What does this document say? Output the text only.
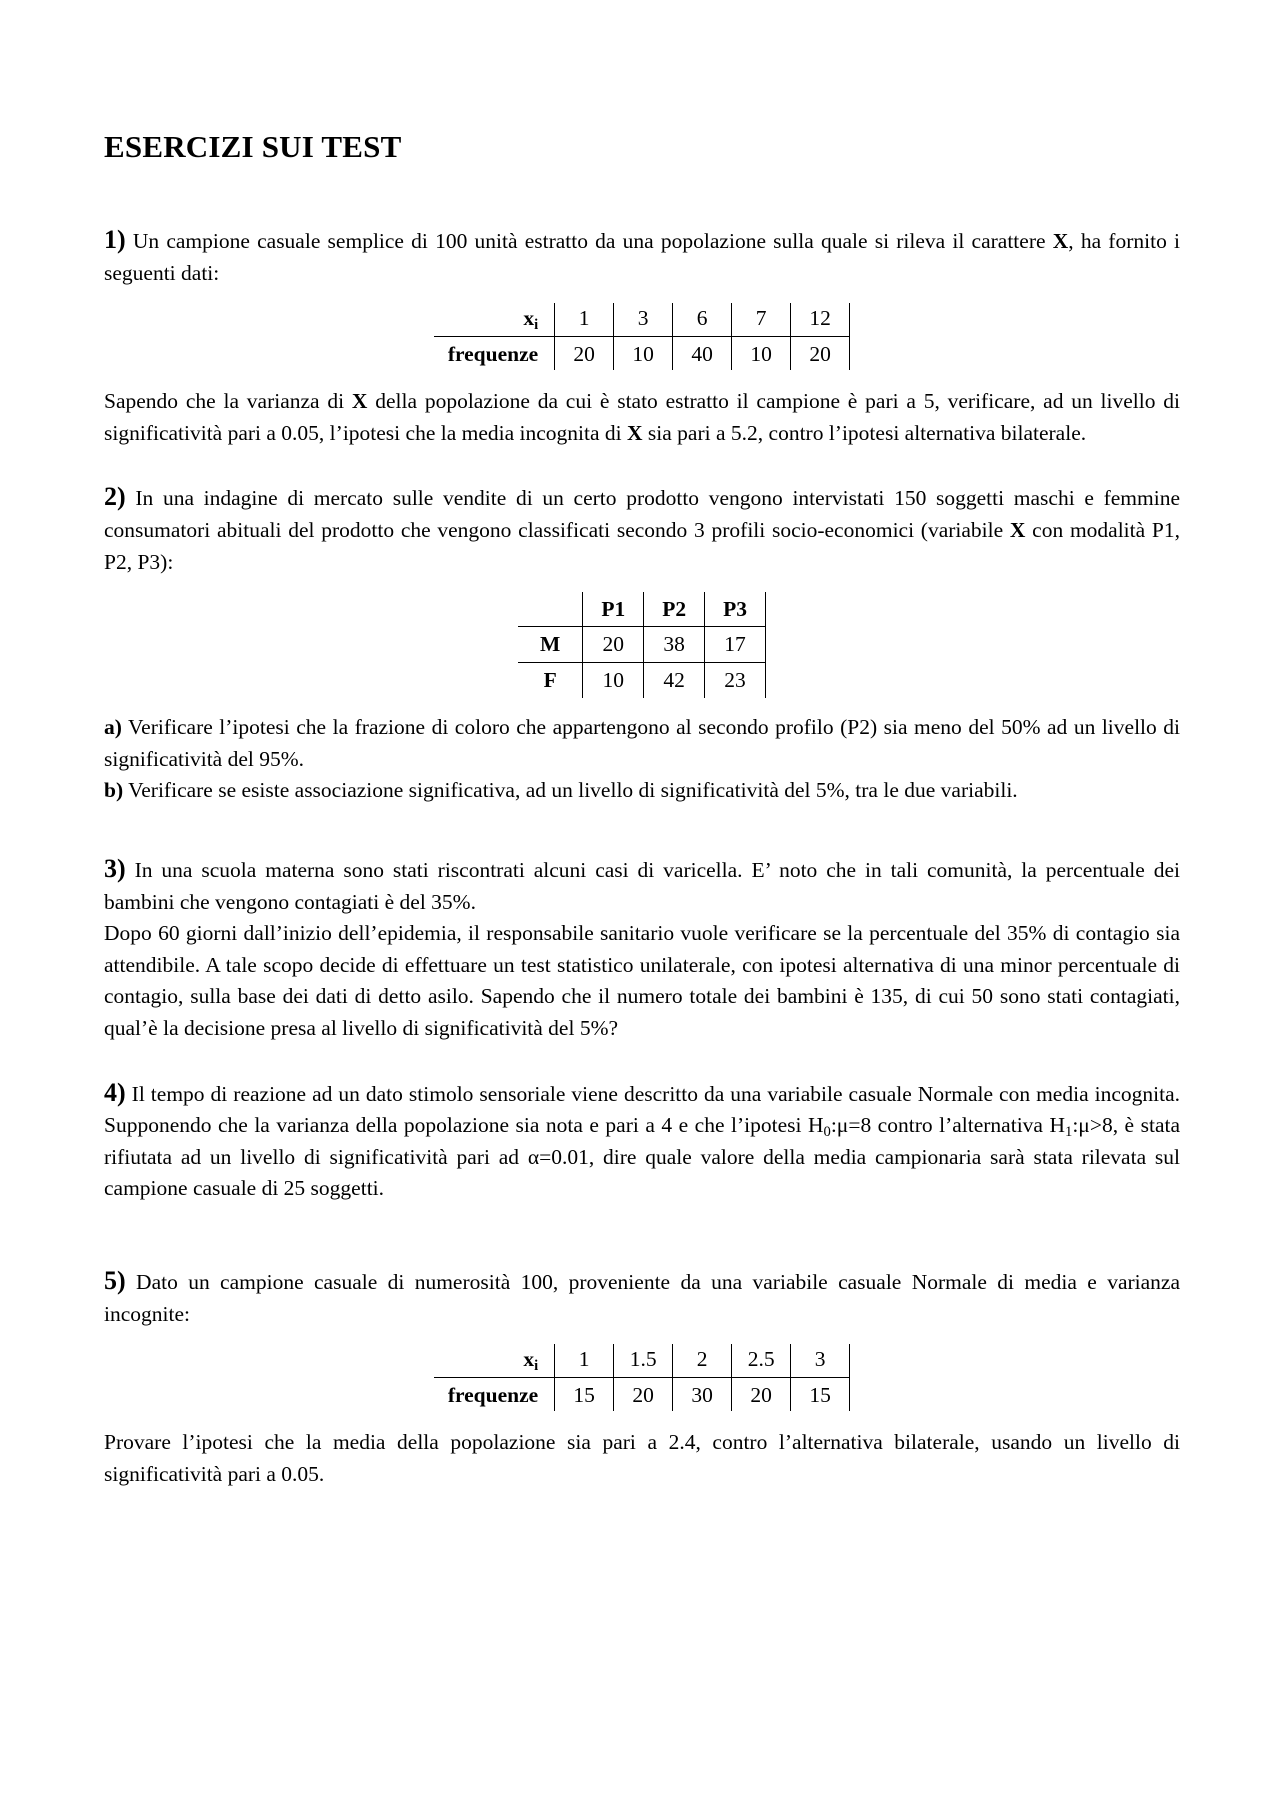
ESERCIZI SUI TEST

1) Un campione casuale semplice di 100 unità estratto da una popolazione sulla quale si rileva il carattere X, ha fornito i seguenti dati:

$x_i$	1	3	6	7	12
frequenze	20	10	40	10	20

Sapendo che la varianza di X della popolazione da cui è stato estratto il campione è pari a 5, verificare, ad un livello di significatività pari a 0.05, l’ipotesi che la media incognita di X sia pari a 5.2, contro l’ipotesi alternativa bilaterale.

2) In una indagine di mercato sulle vendite di un certo prodotto vengono intervistati 150 soggetti maschi e femmine consumatori abituali del prodotto che vengono classificati secondo 3 profili socio-economici (variabile X con modalità P1, P2, P3):

	P1	P2	P3
M	20	38	17
F	10	42	23

a) Verificare l’ipotesi che la frazione di coloro che appartengono al secondo profilo (P2) sia meno del 50% ad un livello di significatività del 95%.

b) Verificare se esiste associazione significativa, ad un livello di significatività del 5%, tra le due variabili.

3) In una scuola materna sono stati riscontrati alcuni casi di varicella. E’ noto che in tali comunità, la percentuale dei bambini che vengono contagiati è del 35%.

Dopo 60 giorni dall’inizio dell’epidemia, il responsabile sanitario vuole verificare se la percentuale del 35% di contagio sia attendibile. A tale scopo decide di effettuare un test statistico unilaterale, con ipotesi alternativa di una minor percentuale di contagio, sulla base dei dati di detto asilo. Sapendo che il numero totale dei bambini è 135, di cui 50 sono stati contagiati, qual’è la decisione presa al livello di significatività del 5%?

4) Il tempo di reazione ad un dato stimolo sensoriale viene descritto da una variabile casuale Normale con media incognita. Supponendo che la varianza della popolazione sia nota e pari a 4 e che l’ipotesi $H_0:\mu=8$ contro l’alternativa $H_1:\mu>8$, è stata rifiutata ad un livello di significatività pari ad α=0.01, dire quale valore della media campionaria sarà stata rilevata sul campione casuale di 25 soggetti.

5) Dato un campione casuale di numerosità 100, proveniente da una variabile casuale Normale di media e varianza incognite:

$x_i$	1	1.5	2	2.5	3
frequenze	15	20	30	20	15

Provare l’ipotesi che la media della popolazione sia pari a 2.4, contro l’alternativa bilaterale, usando un livello di significatività pari a 0.05.
